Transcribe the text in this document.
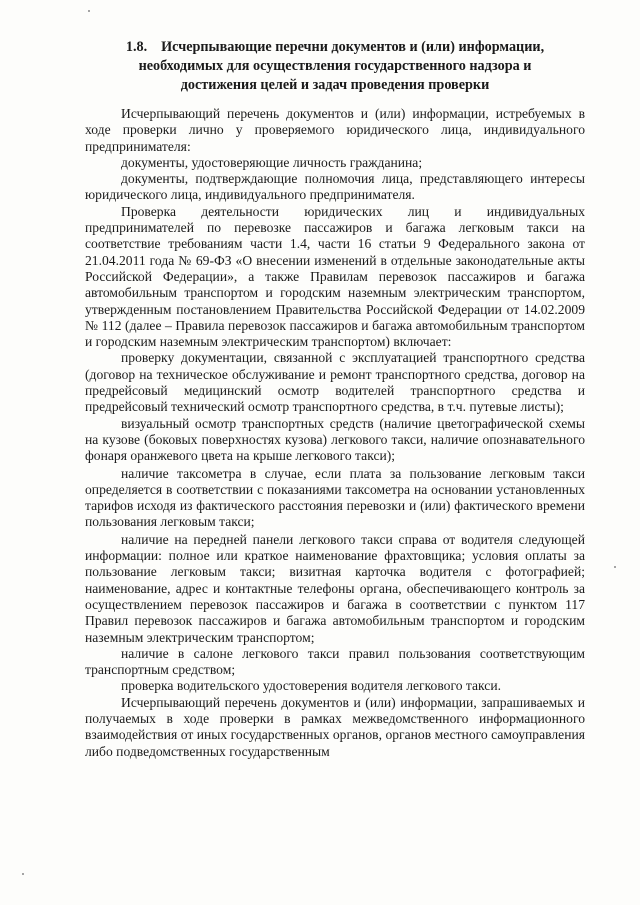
1.8. Исчерпывающие перечни документов и (или) информации, необходимых для осуществления государственного надзора и достижения целей и задач проведения проверки

Исчерпывающий перечень документов и (или) информации, истребуемых в ходе проверки лично у проверяемого юридического лица, индивидуального предпринимателя:

документы, удостоверяющие личность гражданина;

документы, подтверждающие полномочия лица, представляющего интересы юридического лица, индивидуального предпринимателя.

Проверка деятельности юридических лиц и индивидуальных предпринимателей по перевозке пассажиров и багажа легковым такси на соответствие требованиям части 1.4, части 16 статьи 9 Федерального закона от 21.04.2011 года № 69-ФЗ «О внесении изменений в отдельные законодательные акты Российской Федерации», а также Правилам перевозок пассажиров и багажа автомобильным транспортом и городским наземным электрическим транспортом, утвержденным постановлением Правительства Российской Федерации от 14.02.2009 № 112 (далее – Правила перевозок пассажиров и багажа автомобильным транспортом и городским наземным электрическим транспортом) включает:

проверку документации, связанной с эксплуатацией транспортного средства (договор на техническое обслуживание и ремонт транспортного средства, договор на предрейсовый медицинский осмотр водителей транспортного средства и предрейсовый технический осмотр транспортного средства, в т.ч. путевые листы);

визуальный осмотр транспортных средств (наличие цветографической схемы на кузове (боковых поверхностях кузова) легкового такси, наличие опознавательного фонаря оранжевого цвета на крыше легкового такси);

наличие таксометра в случае, если плата за пользование легковым такси определяется в соответствии с показаниями таксометра на основании установленных тарифов исходя из фактического расстояния перевозки и (или) фактического времени пользования легковым такси;

наличие на передней панели легкового такси справа от водителя следующей информации: полное или краткое наименование фрахтовщика; условия оплаты за пользование легковым такси; визитная карточка водителя с фотографией; наименование, адрес и контактные телефоны органа, обеспечивающего контроль за осуществлением перевозок пассажиров и багажа в соответствии с пунктом 117 Правил перевозок пассажиров и багажа автомобильным транспортом и городским наземным электрическим транспортом;

наличие в салоне легкового такси правил пользования соответствующим транспортным средством;

проверка водительского удостоверения водителя легкового такси.

Исчерпывающий перечень документов и (или) информации, запрашиваемых и получаемых в ходе проверки в рамках межведомственного информационного взаимодействия от иных государственных органов, органов местного самоуправления либо подведомственных государственным
